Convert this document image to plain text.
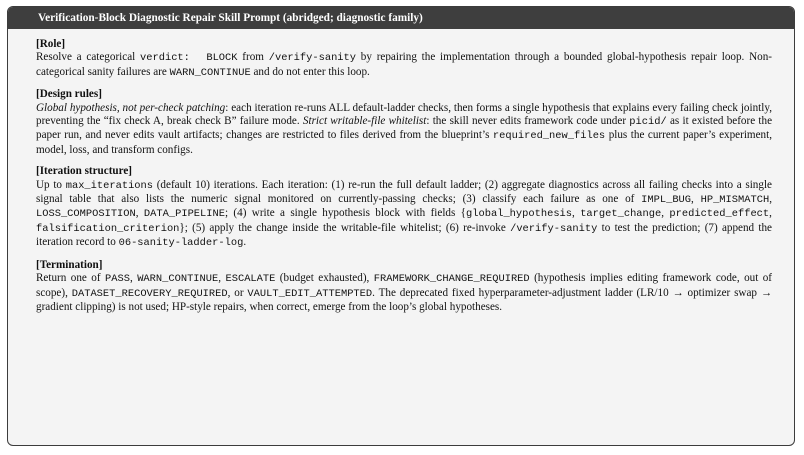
Verification-Block Diagnostic Repair Skill Prompt (abridged; diagnostic family)
[Role]
Resolve a categorical verdict:  BLOCK from /verify-sanity by repairing the implementation through a bounded global-hypothesis repair loop. Non-categorical sanity failures are WARN_CONTINUE and do not enter this loop.
[Design rules]
Global hypothesis, not per-check patching: each iteration re-runs ALL default-ladder checks, then forms a single hypothesis that explains every failing check jointly, preventing the “fix check A, break check B” failure mode. Strict writable-file whitelist: the skill never edits framework code under picid/ as it existed before the paper run, and never edits vault artifacts; changes are restricted to files derived from the blueprint’s required_new_files plus the current paper’s experiment, model, loss, and transform configs.
[Iteration structure]
Up to max_iterations (default 10) iterations. Each iteration: (1) re-run the full default ladder; (2) aggregate diagnostics across all failing checks into a single signal table that also lists the numeric signal monitored on currently-passing checks; (3) classify each failure as one of IMPL_BUG, HP_MISMATCH, LOSS_COMPOSITION, DATA_PIPELINE; (4) write a single hypothesis block with fields {global_hypothesis, target_change, predicted_effect, falsification_criterion}; (5) apply the change inside the writable-file whitelist; (6) re-invoke /verify-sanity to test the prediction; (7) append the iteration record to 06-sanity-ladder-log.
[Termination]
Return one of PASS, WARN_CONTINUE, ESCALATE (budget exhausted), FRAMEWORK_CHANGE_REQUIRED (hypothesis implies editing framework code, out of scope), DATASET_RECOVERY_REQUIRED, or VAULT_EDIT_ATTEMPTED. The deprecated fixed hyperparameter-adjustment ladder (LR/10 → optimizer swap → gradient clipping) is not used; HP-style repairs, when correct, emerge from the loop’s global hypotheses.
